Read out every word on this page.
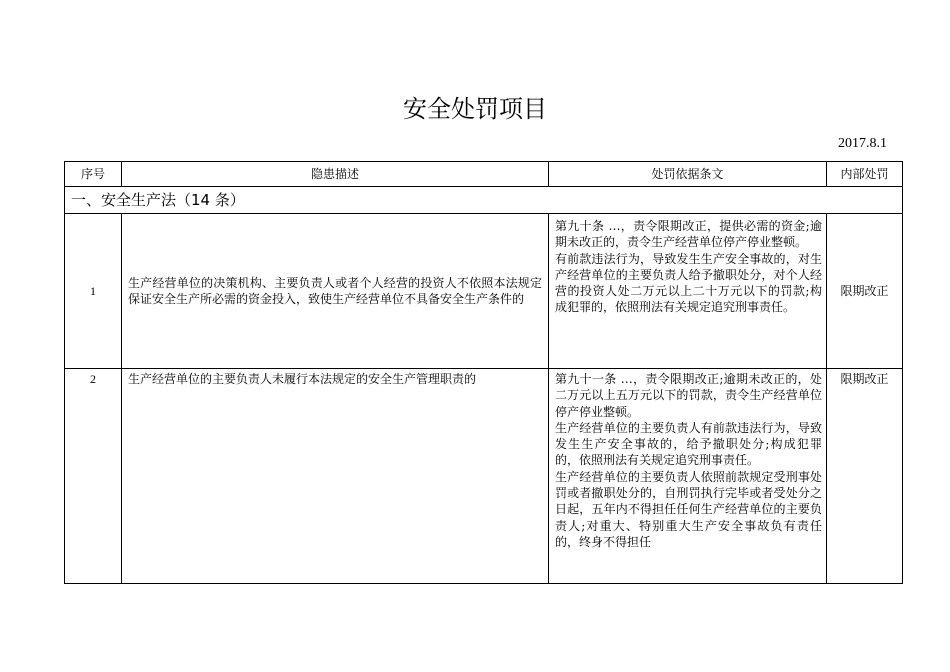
安全处罚项目
2017.8.1
序号	隐患描述	处罚依据条文	内部处罚
一、安全生产法（14 条）			
1	生产经营单位的决策机构、主要负责人或者个人经营的投资人不依照本法规定保证安全生产所必需的资金投入，致使生产经营单位不具备安全生产条件的	第九十条 …，责令限期改正，提供必需的资金;逾期未改正的，责令生产经营单位停产停业整顿。

有前款违法行为，导致发生生产安全事故的，对生产经营单位的主要负责人给予撤职处分，对个人经营的投资人处二万元以上二十万元以下的罚款;构成犯罪的，依照刑法有关规定追究刑事责任。	限期改正
2	生产经营单位的主要负责人未履行本法规定的安全生产管理职责的	第九十一条 …，责令限期改正;逾期未改正的，处二万元以上五万元以下的罚款，责令生产经营单位停产停业整顿。

生产经营单位的主要负责人有前款违法行为，导致发生生产安全事故的，给予撤职处分;构成犯罪的，依照刑法有关规定追究刑事责任。

生产经营单位的主要负责人依照前款规定受刑事处罚或者撤职处分的，自刑罚执行完毕或者受处分之日起，五年内不得担任任何生产经营单位的主要负责人;对重大、特别重大生产安全事故负有责任的，终身不得担任	限期改正
